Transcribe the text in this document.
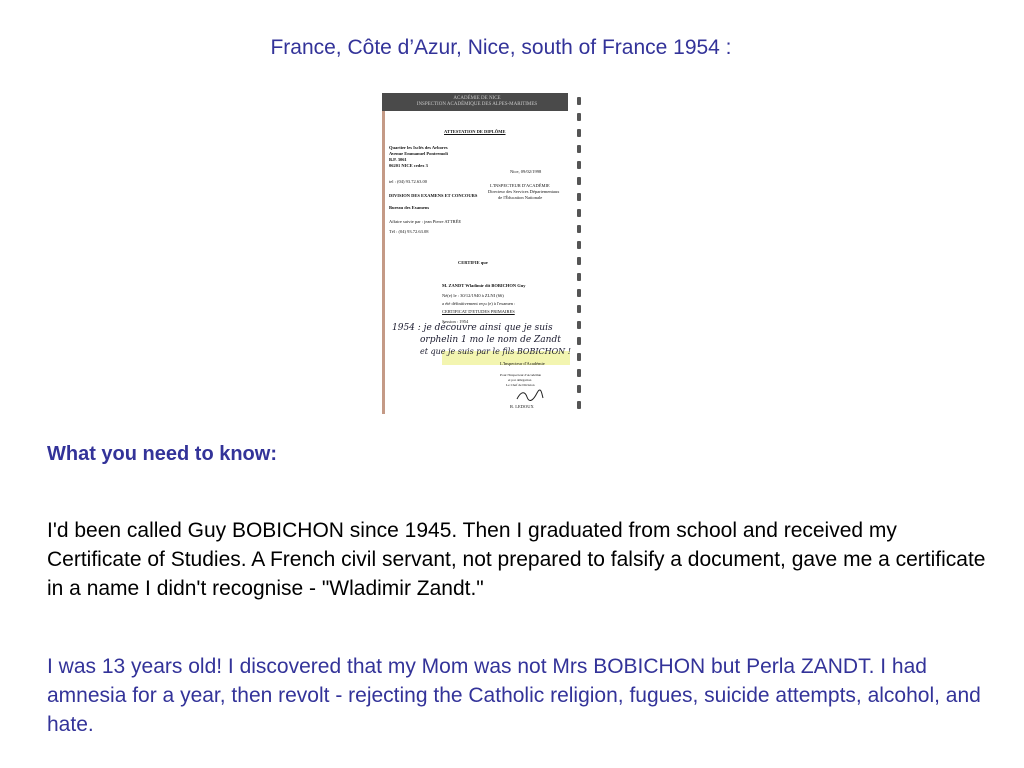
France, Côte d’Azur, Nice, south of France 1954 :
ACADÉMIE DE NICE
INSPECTION ACADÉMIQUE DES ALPES-MARITIMES
ATTESTATION DE DIPLÔME
Quartier les Isclés des Arbores
Avenue Emmanuel Pontremoli
B.P. 3061
06201 NICE cedex 3
tel : (04) 93.72.63.00
DIVISION DES EXAMENS ET CONCOURS
Bureau des Examens
Affaire suivie par : jean Pierre ATTRÉE
Tél : (04) 93.72.63.08
Nice, 09/02/1998
L'INSPECTEUR D'ACADÉMIE
Directeur des Services Départementaux
de l'Éducation Nationale
CERTIFIE que
M. ZANDT Wladimir dit BOBICHON Guy
Né(e) le : 30/12/1940 à ZLNI (66)
a été définitivement reçu (e) à l'examen :
CERTIFICAT D'ETUDES PRIMAIRES
Session : 1954
1954 : je découvre ainsi que je suis
orphelin 1 mo le nom de Zandt
et que je suis par le fils BOBICHON !
L'Inspecteur d'Académie
Pour l'Inspecteur d'Académie
et par délégation
Le Chef de Division
R. LEDOUX
What you need to know:
I'd been called Guy BOBICHON since 1945. Then I graduated from school and received my Certificate of Studies. A French civil servant, not prepared to falsify a document, gave me a certificate in a name I didn't recognise - "Wladimir Zandt."
I was 13 years old! I discovered that my Mom was not Mrs BOBICHON but Perla ZANDT. I had amnesia for a year, then revolt - rejecting the Catholic religion, fugues, suicide attempts, alcohol, and hate.
